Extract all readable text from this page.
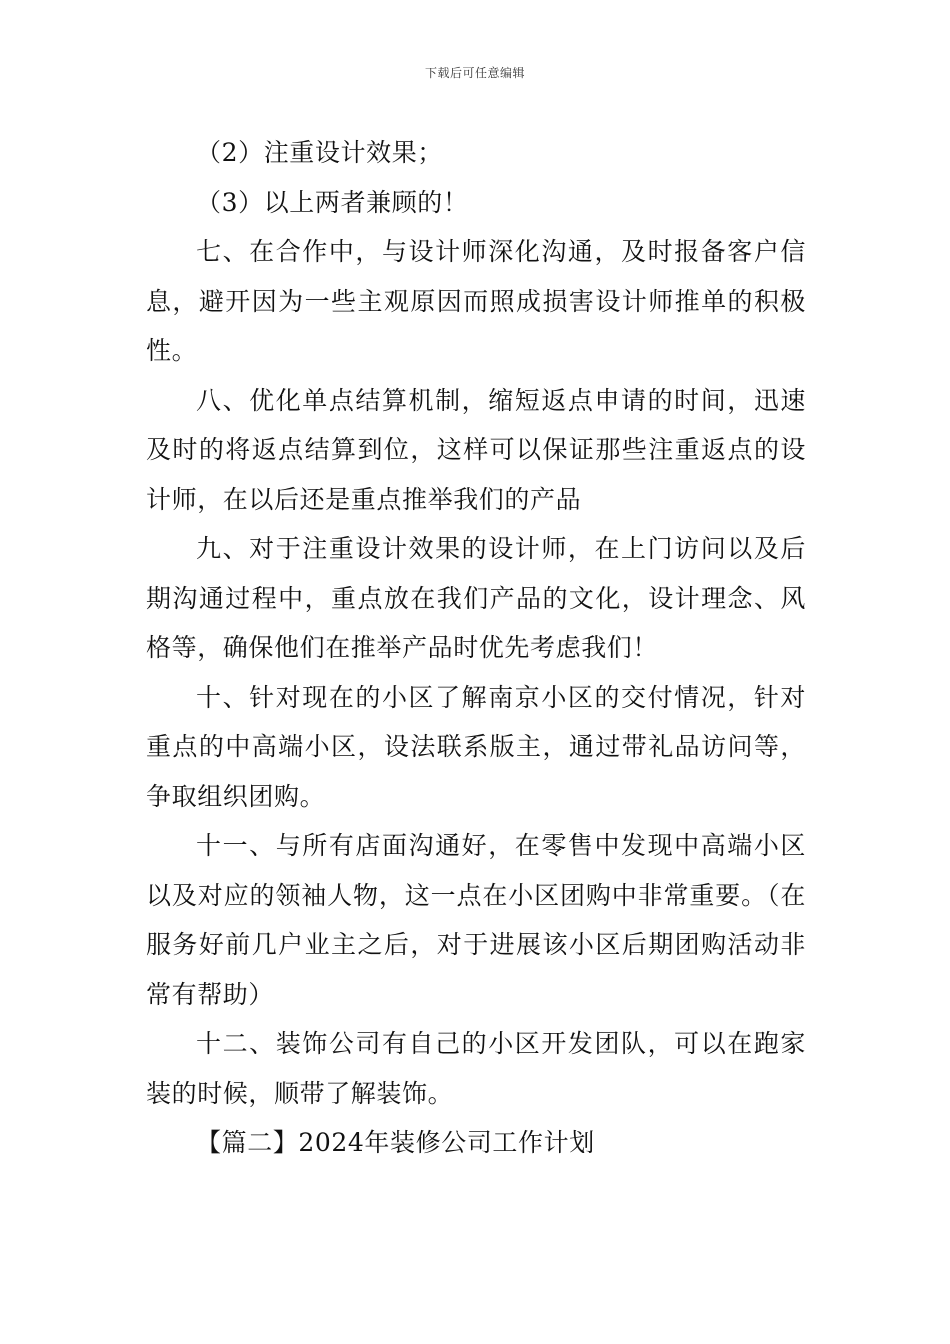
下载后可任意编辑

（2）注重设计效果；

（3）以上两者兼顾的！

七、在合作中，与设计师深化沟通，及时报备客户信息，避开因为一些主观原因而照成损害设计师推单的积极性。

八、优化单点结算机制，缩短返点申请的时间，迅速及时的将返点结算到位，这样可以保证那些注重返点的设计师，在以后还是重点推举我们的产品

九、对于注重设计效果的设计师，在上门访问以及后期沟通过程中，重点放在我们产品的文化，设计理念、风格等，确保他们在推举产品时优先考虑我们！

十、针对现在的小区了解南京小区的交付情况，针对重点的中高端小区，设法联系版主，通过带礼品访问等，争取组织团购。

十一、与所有店面沟通好，在零售中发现中高端小区以及对应的领袖人物，这一点在小区团购中非常重要。（在服务好前几户业主之后，对于进展该小区后期团购活动非常有帮助）

十二、装饰公司有自己的小区开发团队，可以在跑家装的时候，顺带了解装饰。

【篇二】2024年装修公司工作计划
